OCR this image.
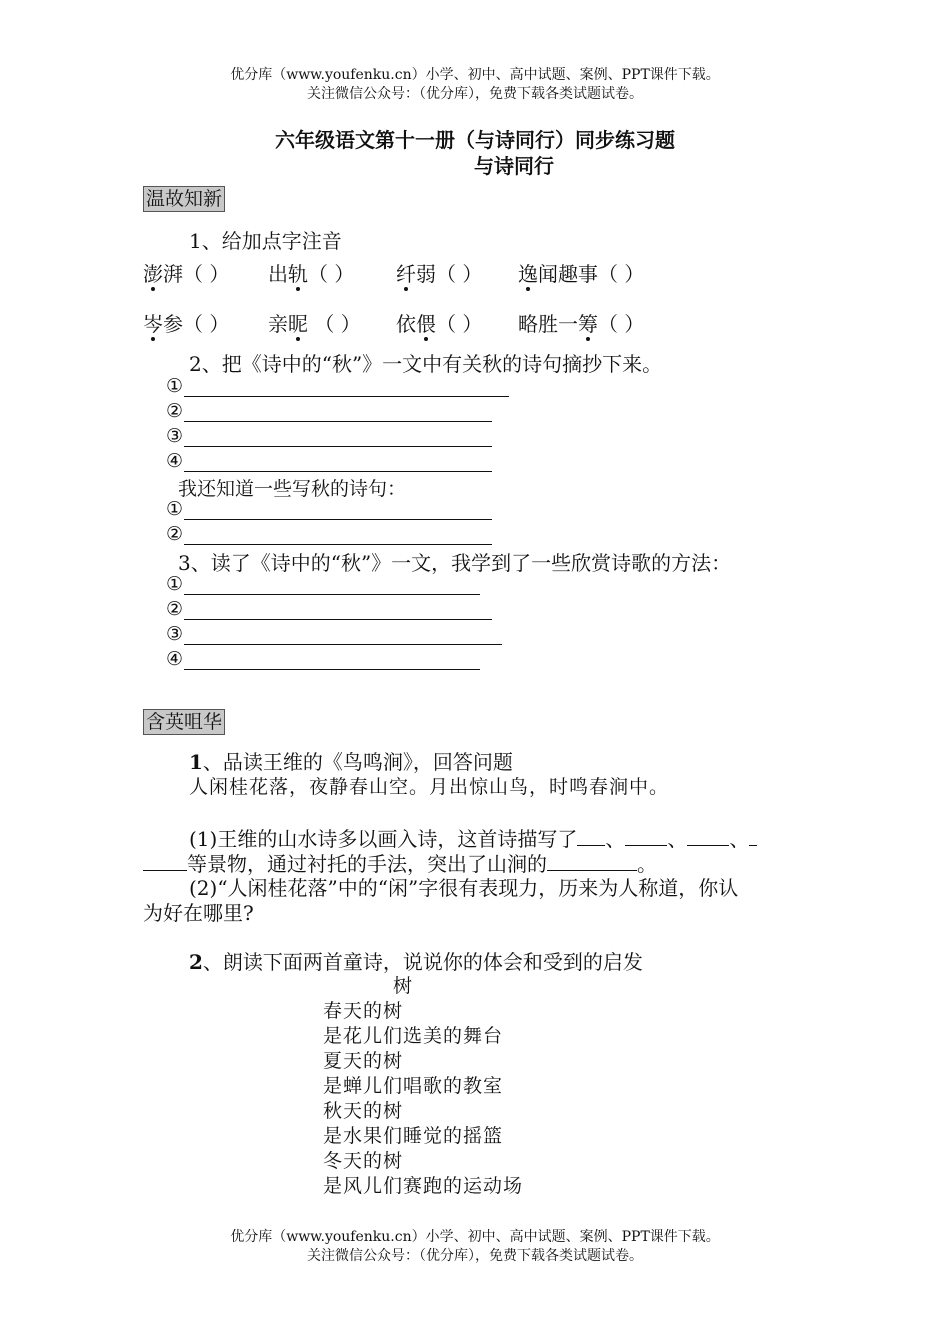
优分库（www.youfenku.cn）小学、初中、高中试题、案例、PPT课件下载。
关注微信公众号：（优分库），免费下载各类试题试卷。
六年级语文第十一册（与诗同行）同步练习题
与诗同行
温故知新
1、给加点字注音
澎湃（ ） 出轨（ ） 纤弱（ ） 逸闻趣事（ ）
岑参（ ） 亲昵 （ ） 依偎（ ） 略胜一筹（ ）
2、把《诗中的“秋”》一文中有关秋的诗句摘抄下来。
①
②
③
④
我还知道一些写秋的诗句：
①
②
3、读了《诗中的“秋”》一文，我学到了一些欣赏诗歌的方法：
①
②
③
④
含英咀华
1、品读王维的《鸟鸣涧》，回答问题
人闲桂花落，夜静春山空。月出惊山鸟，时鸣春涧中。
(1)王维的山水诗多以画入诗，这首诗描写了 、 、 、
等景物，通过衬托的手法，突出了山涧的	。
(2)“人闲桂花落”中的“闲”字很有表现力，历来为人称道，你认
为好在哪里?
2、朗读下面两首童诗，说说你的体会和受到的启发
树
春天的树
是花儿们选美的舞台
夏天的树
是蝉儿们唱歌的教室
秋天的树
是水果们睡觉的摇篮
冬天的树
是风儿们赛跑的运动场
优分库（www.youfenku.cn）小学、初中、高中试题、案例、PPT课件下载。
关注微信公众号：（优分库），免费下载各类试题试卷。
